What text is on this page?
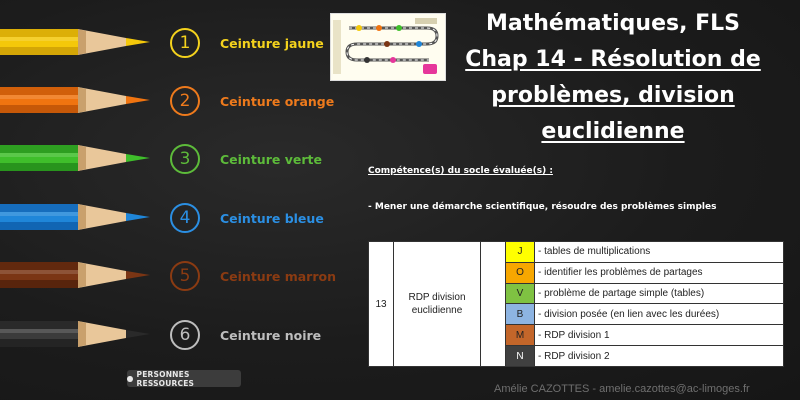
1	Ceinture jaune
2	Ceinture orange
3	Ceinture verte
4	Ceinture bleue
5	Ceinture marron
6	Ceinture noire
PERSONNES RESSOURCES
Mathématiques, FLS
Chap 14 - Résolution de problèmes, division euclidienne
Compétence(s) du socle évaluée(s) :
- Mener une démarche scientifique, résoudre des problèmes simples
13	RDP division euclidienne		J	- tables de multiplications
			O	- identifier les problèmes de partages
			V	- problème de partage simple (tables)
			B	- division posée (en lien avec les durées)
			M	- RDP division 1
			N	- RDP division 2
Amélie CAZOTTES - amelie.cazottes@ac-limoges.fr
